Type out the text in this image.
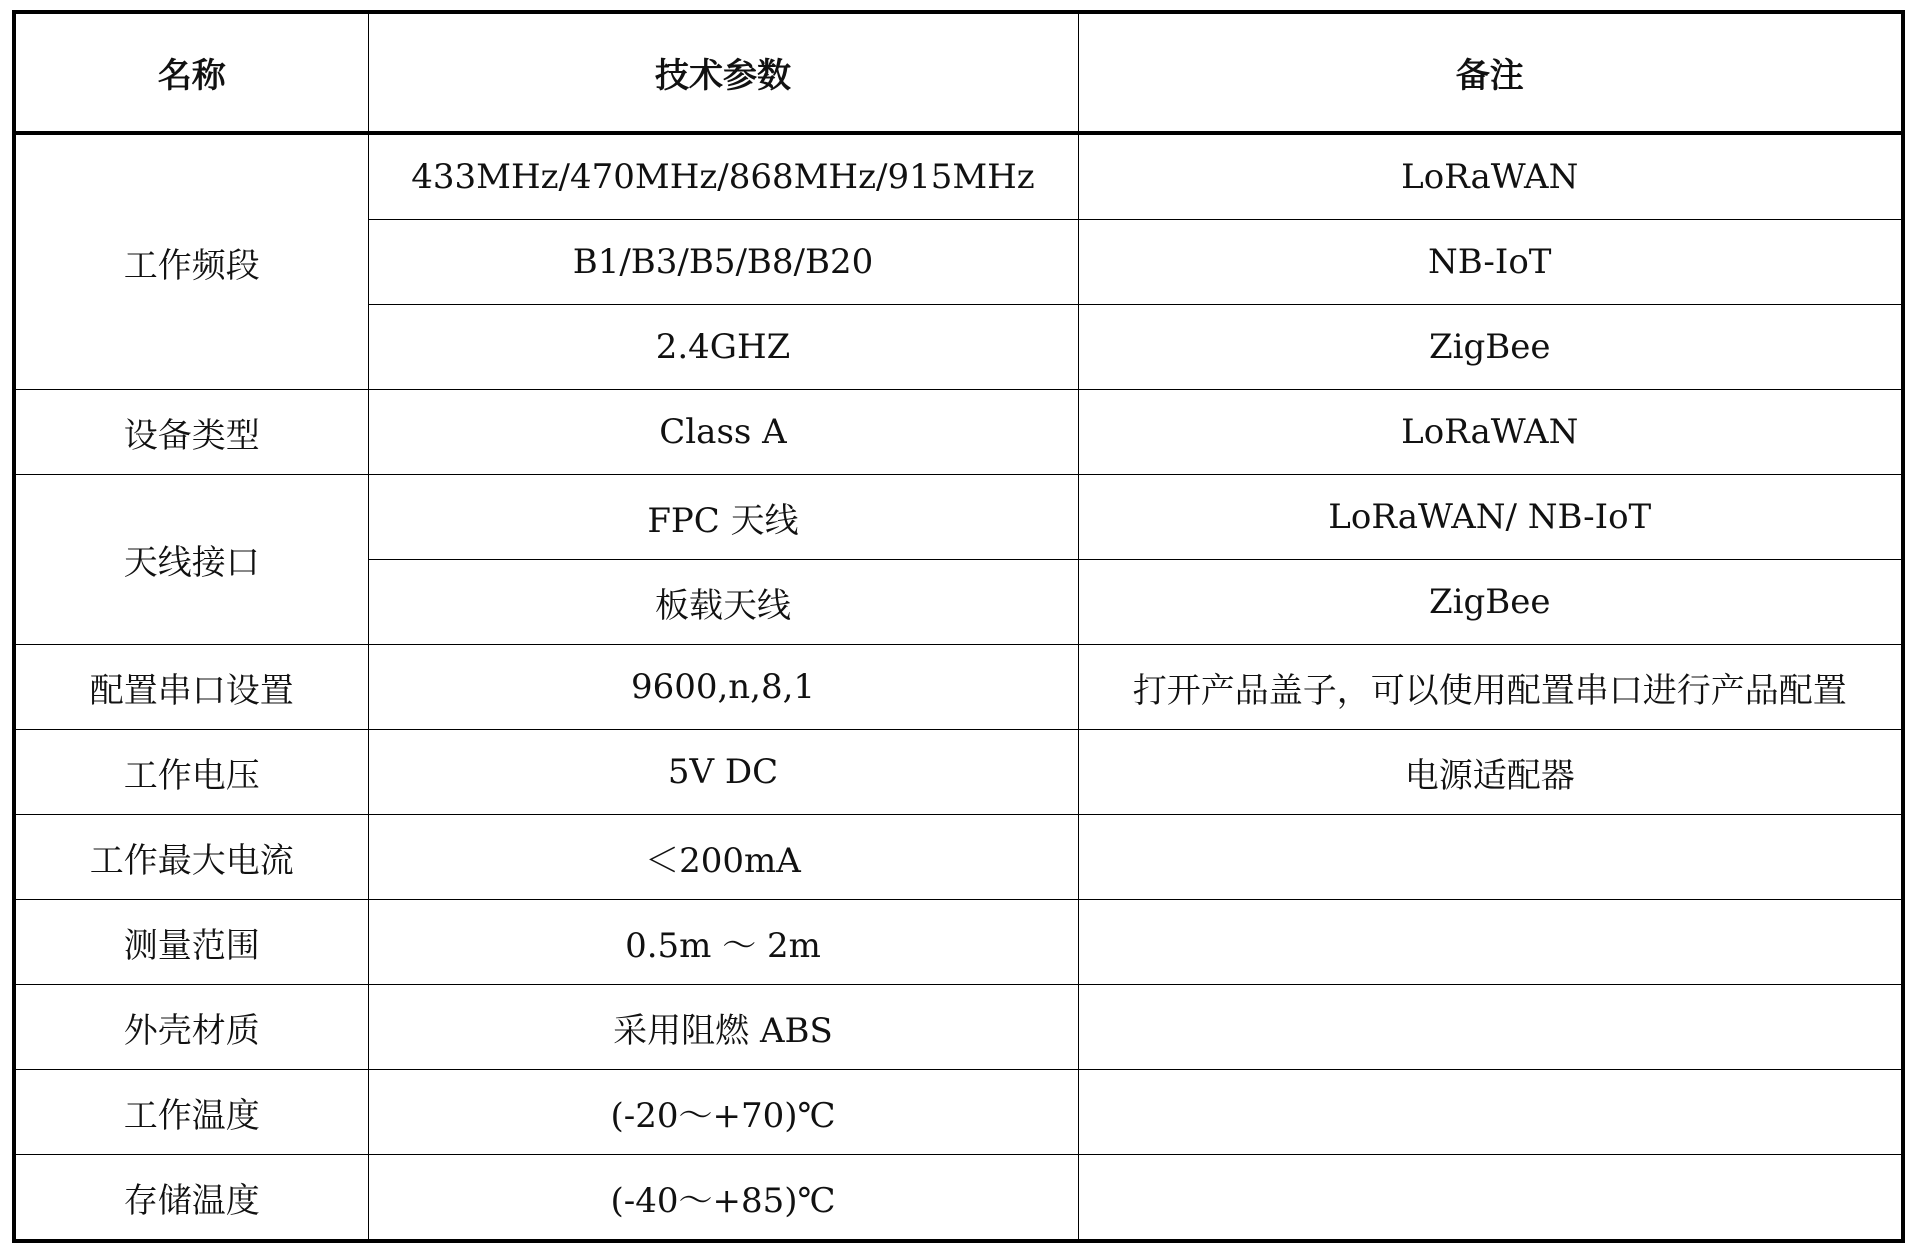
名称	技术参数	备注
工作频段	433MHz/470MHz/868MHz/915MHz	LoRaWAN
	B1/B3/B5/B8/B20	NB-IoT
	2.4GHZ	ZigBee
设备类型	Class A	LoRaWAN
天线接口	FPC 天线	LoRaWAN/ NB-IoT
	板载天线	ZigBee
配置串口设置	9600,n,8,1	打开产品盖子，可以使用配置串口进行产品配置
工作电压	5V DC	电源适配器
工作最大电流	＜200mA	
测量范围	0.5m ～ 2m	
外壳材质	采用阻燃 ABS	
工作温度	(-20～+70)℃	
存储温度	(-40～+85)℃	
